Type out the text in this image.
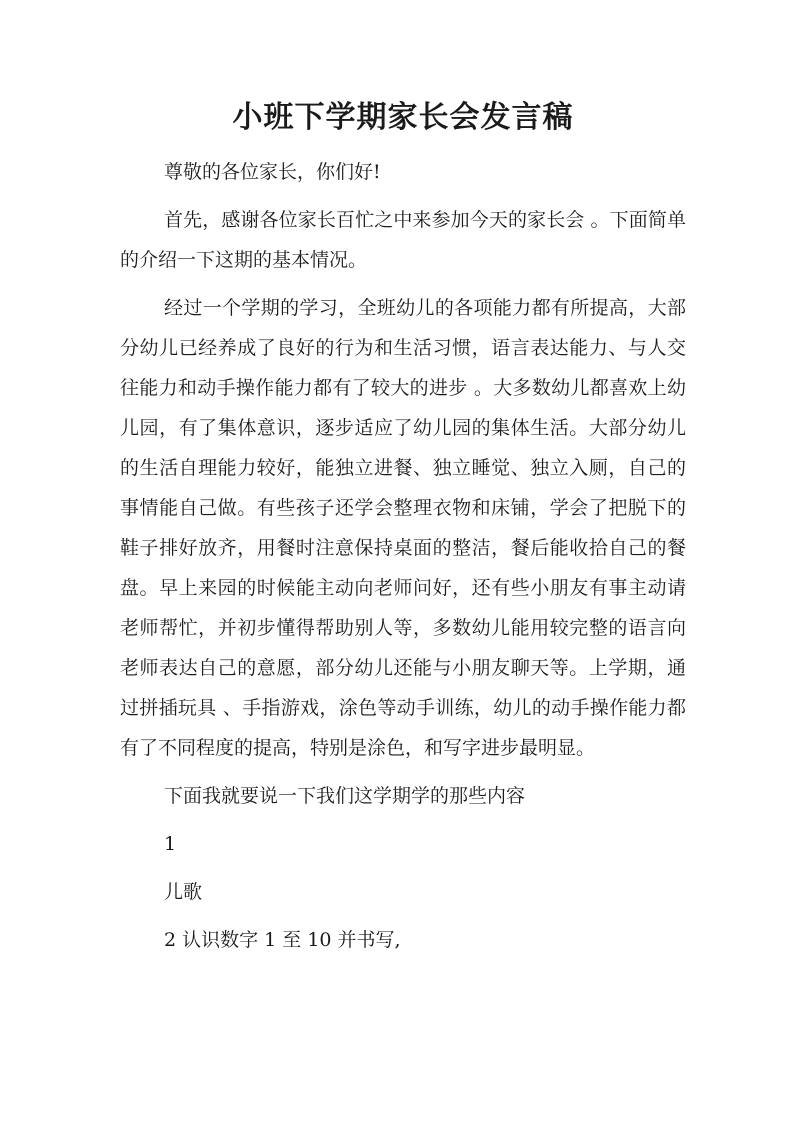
小班下学期家长会发言稿

尊敬的各位家长，你们好!

首先，感谢各位家长百忙之中来参加今天的家长会 。下面简单的介绍一下这期的基本情况。

经过一个学期的学习，全班幼儿的各项能力都有所提高，大部分幼儿已经养成了良好的行为和生活习惯，语言表达能力、与人交往能力和动手操作能力都有了较大的进步 。大多数幼儿都喜欢上幼儿园，有了集体意识，逐步适应了幼儿园的集体生活。大部分幼儿的生活自理能力较好，能独立进餐、独立睡觉、独立入厕，自己的事情能自己做。有些孩子还学会整理衣物和床铺，学会了把脱下的鞋子排好放齐，用餐时注意保持桌面的整洁，餐后能收拾自己的餐盘。早上来园的时候能主动向老师问好，还有些小朋友有事主动请老师帮忙，并初步懂得帮助别人等，多数幼儿能用较完整的语言向老师表达自己的意愿，部分幼儿还能与小朋友聊天等。上学期，通过拼插玩具 、手指游戏，涂色等动手训练，幼儿的动手操作能力都有了不同程度的提高，特别是涂色，和写字进步最明显。

下面我就要说一下我们这学期学的那些内容

1

儿歌

2 认识数字 1 至 10 并书写,
